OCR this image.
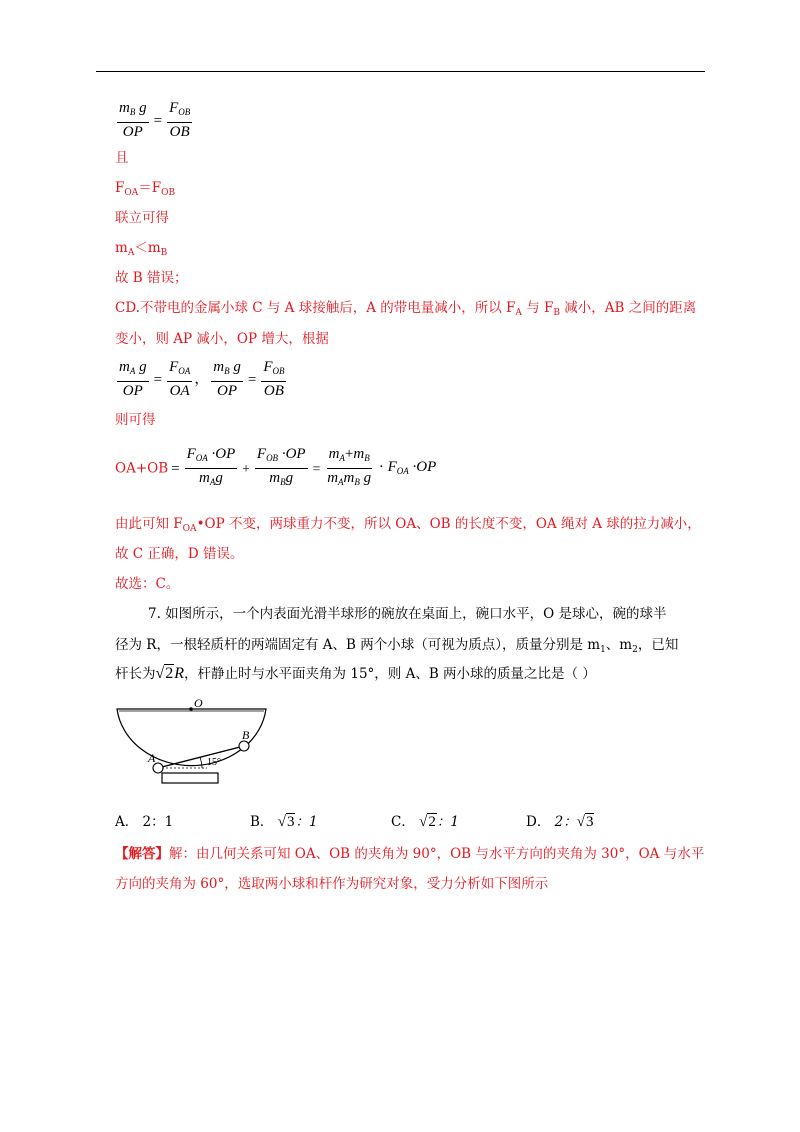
$\frac{m_B g}{OP} = \frac{F_{OB}}{OB}$
且
$F_{OA}=F_{OB}$
联立可得
$m_A<m_B$
故 B 错误；
CD.不带电的金属小球 C 与 A 球接触后，A 的带电量减小，所以 $F_A$ 与 $F_B$ 减小，AB 之间的距离
变小，则 AP 减小，OP 增大，根据
$\frac{m_A g}{OP} = \frac{F_{OA}}{OA}$ ， $\frac{m_B g}{OP} = \frac{F_{OB}}{OB}$
则可得
$OA+OB = \frac{F_{OA} \cdot OP}{m_Ag} + \frac{F_{OB} \cdot OP}{m_Bg} = \frac{m_A+m_B}{m_Am_B g} \cdot F_{OA} \cdot OP$
由此可知 $F_{OA}•OP$ 不变，两球重力不变，所以 OA、OB 的长度不变，OA 绳对 A 球的拉力减小，
故 C 正确，D 错误。
故选：C。
7. 如图所示，一个内表面光滑半球形的碗放在桌面上，碗口水平，O 是球心，碗的球半
径为 R，一根轻质杆的两端固定有 A、B 两个小球（可视为质点），质量分别是 $m_1$、$m_2$，已知
杆长为√2R，杆静止时与水平面夹角为 15°，则 A、B 两小球的质量之比是（ ）
O
A
B
15°
A． 2：1	B． √3：1	C． √2：1	D． 2：√3
【解答】解：由几何关系可知 OA、OB 的夹角为 90°，OB 与水平方向的夹角为 30°，OA 与水平
方向的夹角为 60°，选取两小球和杆作为研究对象，受力分析如下图所示
